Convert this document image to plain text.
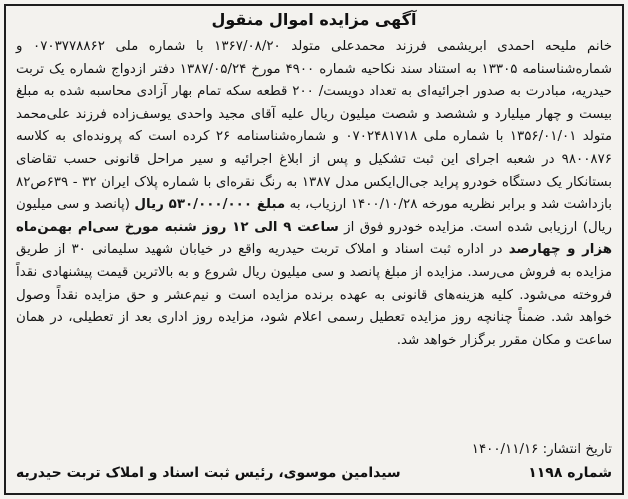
آگهی مزایده اموال منقول
خانم ملیحه احمدی ابریشمی فرزند محمدعلی متولد ۱۳۶۷/۰۸/۲۰ با شماره ملی ۰۷۰۳۷۷۸۸۶۲ و شماره‌شناسنامه ۱۳۳۰۵ به استناد سند نکاحیه شماره ۴۹۰۰ مورخ ۱۳۸۷/۰۵/۲۴ دفتر ازدواج شماره یک تربت حیدریه، مبادرت به صدور اجرائیه‌ای به تعداد دویست/ ۲۰۰ قطعه سکه تمام بهار آزادی محاسبه شده به مبلغ بیست و چهار میلیارد و ششصد و شصت میلیون ریال علیه آقای مجید واحدی یوسف‌زاده فرزند علی‌محمد متولد ۱۳۵۶/۰۱/۰۱ با شماره ملی ۰۷۰۲۴۸۱۷۱۸ و شماره‌شناسنامه ۲۶ کرده است که پرونده‌ای به کلاسه ۹۸۰۰۸۷۶ در شعبه اجرای این ثبت تشکیل و پس از ابلاغ اجرائیه و سیر مراحل قانونی حسب تقاضای بستانکار یک دستگاه خودرو پراید جی‌ال‌ایکس مدل ۱۳۸۷ به رنگ نقره‌ای با شماره پلاک ایران ۳۲ - ۶۳۹ص۸۲ بازداشت شد و برابر نظریه مورخه ۱۴۰۰/۱۰/۲۸ ارزیاب، به مبلغ ۵۳۰/۰۰۰/۰۰۰ ریال (پانصد و سی میلیون ریال) ارزیابی شده است. مزایده خودرو فوق از ساعت ۹ الی ۱۲ روز شنبه مورخ سی‌ام بهمن‌ماه هزار و چهارصد در اداره ثبت اسناد و املاک تربت حیدریه واقع در خیابان شهید سلیمانی ۳۰ از طریق مزایده به فروش می‌رسد. مزایده از مبلغ پانصد و سی میلیون ریال شروع و به بالاترین قیمت پیشنهادی نقداً فروخته می‌شود. کلیه هزینه‌های قانونی به عهده برنده مزایده است و نیم‌عشر و حق مزایده نقداً وصول خواهد شد. ضمناً چنانچه روز مزایده تعطیل رسمی اعلام شود، مزایده روز اداری بعد از تعطیلی، در همان ساعت و مکان مقرر برگزار خواهد شد.
تاریخ انتشار: ۱۴۰۰/۱۱/۱۶
شماره ۱۱۹۸
سیدامین موسوی، رئیس ثبت اسناد و املاک تربت حیدریه
